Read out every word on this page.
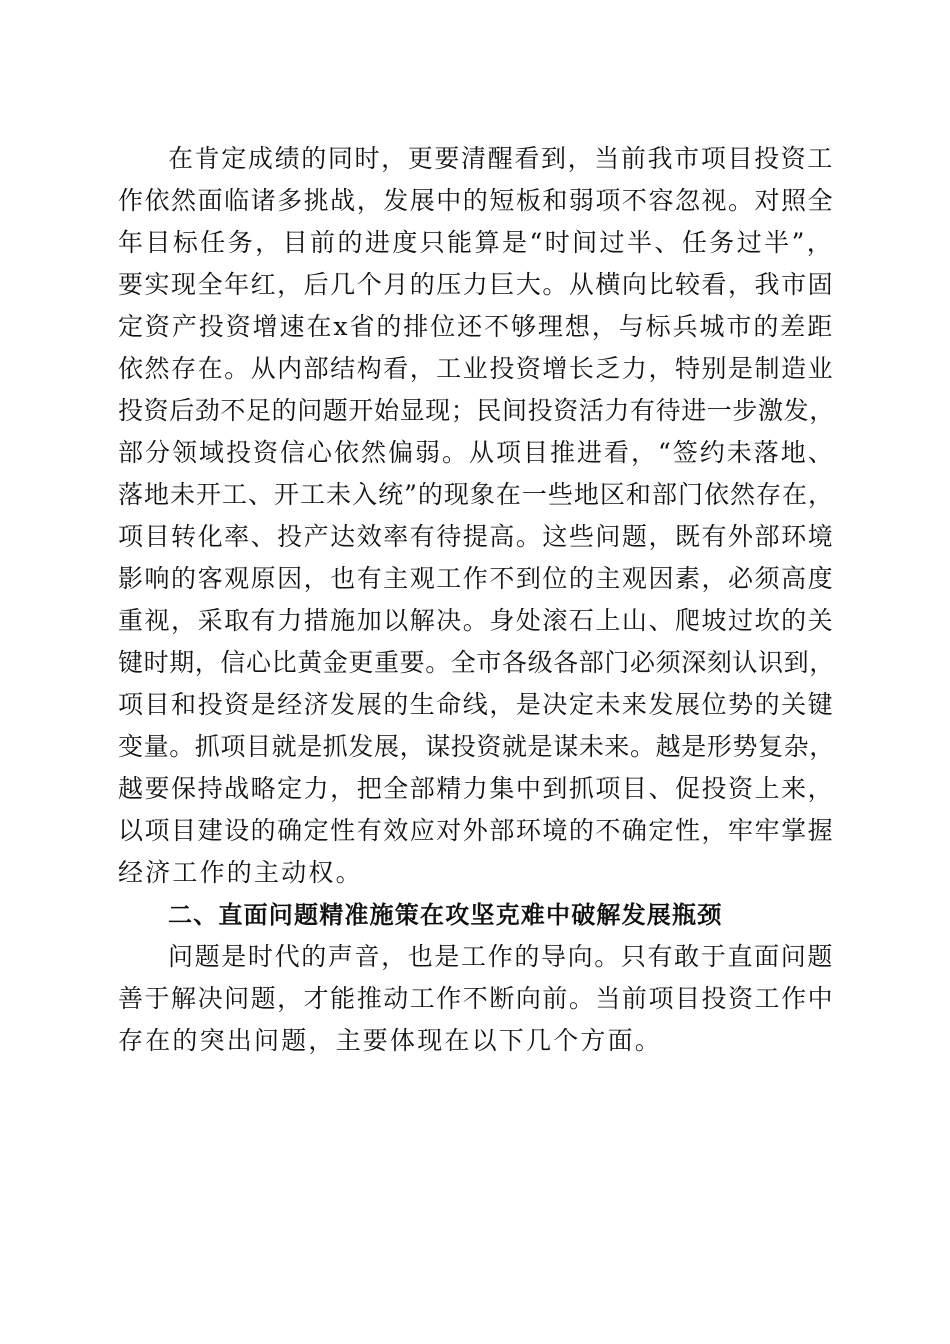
在肯定成绩的同时，更要清醒看到，当前我市项目投资工
作依然面临诸多挑战，发展中的短板和弱项不容忽视。对照全
年目标任务，目前的进度只能算是“时间过半、任务过半”，
要实现全年红，后几个月的压力巨大。从横向比较看，我市固
定资产投资增速在x省的排位还不够理想，与标兵城市的差距
依然存在。从内部结构看，工业投资增长乏力，特别是制造业
投资后劲不足的问题开始显现；民间投资活力有待进一步激发，
部分领域投资信心依然偏弱。从项目推进看，“签约未落地、
落地未开工、开工未入统”的现象在一些地区和部门依然存在，
项目转化率、投产达效率有待提高。这些问题，既有外部环境
影响的客观原因，也有主观工作不到位的主观因素，必须高度
重视，采取有力措施加以解决。身处滚石上山、爬坡过坎的关
键时期，信心比黄金更重要。全市各级各部门必须深刻认识到，
项目和投资是经济发展的生命线，是决定未来发展位势的关键
变量。抓项目就是抓发展，谋投资就是谋未来。越是形势复杂，
越要保持战略定力，把全部精力集中到抓项目、促投资上来，
以项目建设的确定性有效应对外部环境的不确定性，牢牢掌握
经济工作的主动权。
二、直面问题精准施策在攻坚克难中破解发展瓶颈
问题是时代的声音，也是工作的导向。只有敢于直面问题
善于解决问题，才能推动工作不断向前。当前项目投资工作中
存在的突出问题，主要体现在以下几个方面。
